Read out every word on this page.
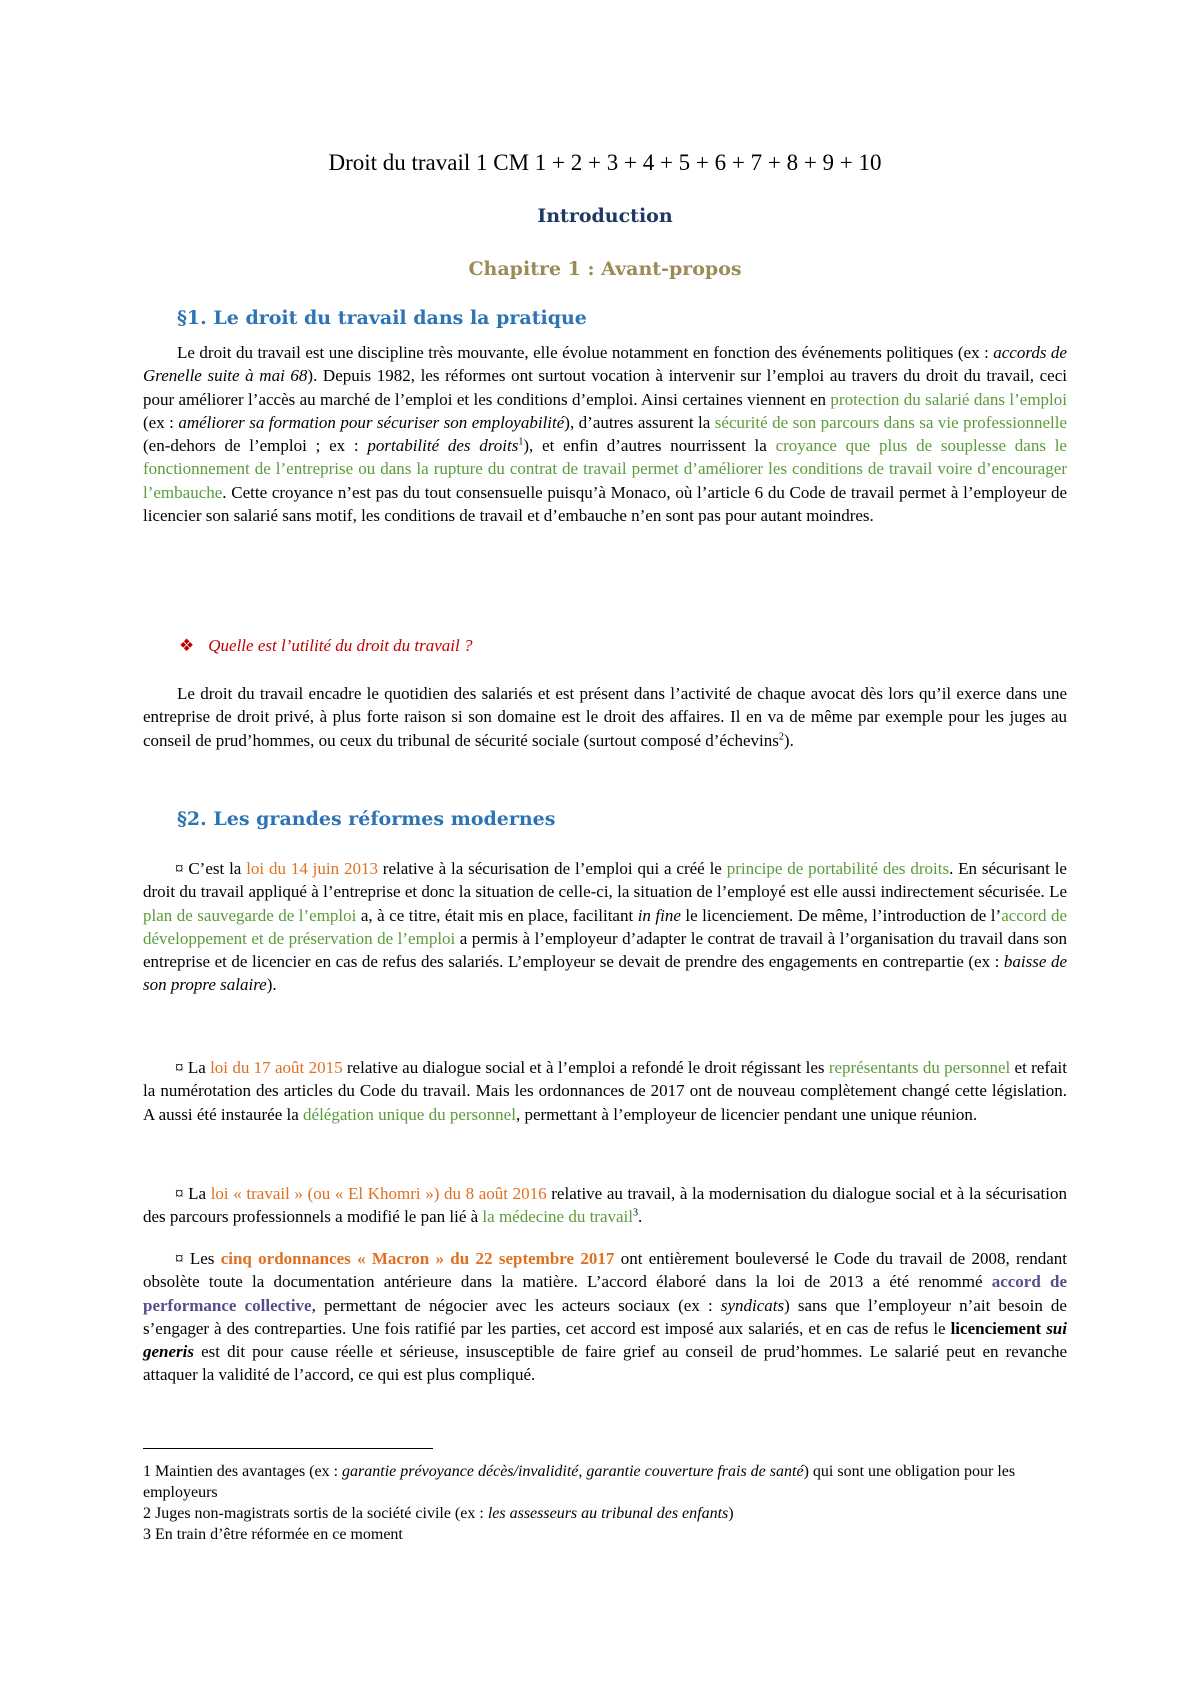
Droit du travail 1 CM 1 + 2 + 3 + 4 + 5 + 6 + 7 + 8 + 9 + 10
Introduction
Chapitre 1 : Avant-propos
§1. Le droit du travail dans la pratique

Le droit du travail est une discipline très mouvante, elle évolue notamment en fonction des événements politiques (ex : accords de Grenelle suite à mai 68). Depuis 1982, les réformes ont surtout vocation à intervenir sur l’emploi au travers du droit du travail, ceci pour améliorer l’accès au marché de l’emploi et les conditions d’emploi. Ainsi certaines viennent en protection du salarié dans l’emploi (ex : améliorer sa formation pour sécuriser son employabilité), d’autres assurent la sécurité de son parcours dans sa vie professionnelle (en-dehors de l’emploi ; ex : portabilité des droits$^1$), et enfin d’autres nourrissent la croyance que plus de souplesse dans le fonctionnement de l’entreprise ou dans la rupture du contrat de travail permet d’améliorer les conditions de travail voire d’encourager l’embauche. Cette croyance n’est pas du tout consensuelle puisqu’à Monaco, où l’article 6 du Code de travail permet à l’employeur de licencier son salarié sans motif, les conditions de travail et d’embauche n’en sont pas pour autant moindres.

❖ Quelle est l’utilité du droit du travail ?

Le droit du travail encadre le quotidien des salariés et est présent dans l’activité de chaque avocat dès lors qu’il exerce dans une entreprise de droit privé, à plus forte raison si son domaine est le droit des affaires. Il en va de même par exemple pour les juges au conseil de prud’hommes, ou ceux du tribunal de sécurité sociale (surtout composé d’échevins$^2$).

§2. Les grandes réformes modernes

¤ C’est la loi du 14 juin 2013 relative à la sécurisation de l’emploi qui a créé le principe de portabilité des droits. En sécurisant le droit du travail appliqué à l’entreprise et donc la situation de celle-ci, la situation de l’employé est elle aussi indirectement sécurisée. Le plan de sauvegarde de l’emploi a, à ce titre, était mis en place, facilitant in fine le licenciement. De même, l’introduction de l’accord de développement et de préservation de l’emploi a permis à l’employeur d’adapter le contrat de travail à l’organisation du travail dans son entreprise et de licencier en cas de refus des salariés. L’employeur se devait de prendre des engagements en contrepartie (ex : baisse de son propre salaire).

¤ La loi du 17 août 2015 relative au dialogue social et à l’emploi a refondé le droit régissant les représentants du personnel et refait la numérotation des articles du Code du travail. Mais les ordonnances de 2017 ont de nouveau complètement changé cette législation. A aussi été instaurée la délégation unique du personnel, permettant à l’employeur de licencier pendant une unique réunion.

¤ La loi « travail » (ou « El Khomri ») du 8 août 2016 relative au travail, à la modernisation du dialogue social et à la sécurisation des parcours professionnels a modifié le pan lié à la médecine du travail$^3$.

¤ Les cinq ordonnances « Macron » du 22 septembre 2017 ont entièrement bouleversé le Code du travail de 2008, rendant obsolète toute la documentation antérieure dans la matière. L’accord élaboré dans la loi de 2013 a été renommé accord de performance collective, permettant de négocier avec les acteurs sociaux (ex : syndicats) sans que l’employeur n’ait besoin de s’engager à des contreparties. Une fois ratifié par les parties, cet accord est imposé aux salariés, et en cas de refus le licenciement sui generis est dit pour cause réelle et sérieuse, insusceptible de faire grief au conseil de prud’hommes. Le salarié peut en revanche attaquer la validité de l’accord, ce qui est plus compliqué.

1 Maintien des avantages (ex : garantie prévoyance décès/invalidité, garantie couverture frais de santé) qui sont une obligation pour les employeurs
2 Juges non-magistrats sortis de la société civile (ex : les assesseurs au tribunal des enfants)
3 En train d’être réformée en ce moment
